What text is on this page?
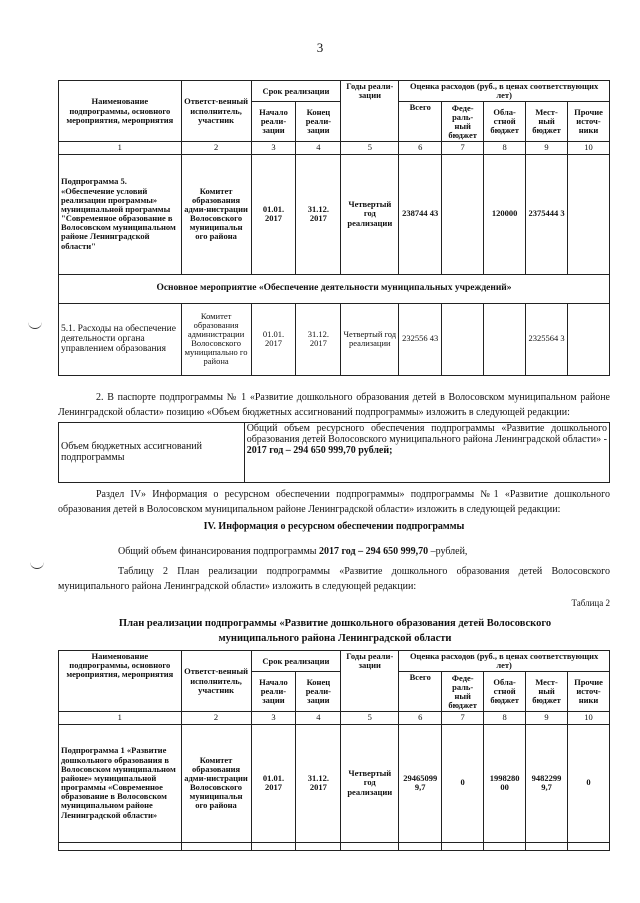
3
Наименование подпрограммы, основного мероприятия, мероприятия	Ответст-венный исполнитель, участник	Срок реализации		Годы реали-зации	Оценка расходов (руб., в ценах соответствующих лет)				
		Начало реали-зации	Конец реали-зации		Всего	Феде-раль-ный бюджет	Обла-стной бюджет	Мест-ный бюджет	Прочие источ-ники
1	2	3	4	5	6	7	8	9	10
Подпрограмма 5. «Обеспечение условий реализации программы» муниципальной программы "Современное образование в Волосовском муниципальном районе Ленинградской области"	Комитет образования адми-нистрации Волосовского муниципальн ого района	01.01. 2017	31.12. 2017	Четвертый год реализации	238744 43		120000	2375444 3	
Основное мероприятие «Обеспечение деятельности муниципальных учреждений»									
5.1. Расходы на обеспечение деятельности органа управлением образования	Комитет образования администрации Волосовского муниципально го района	01.01. 2017	31.12. 2017	Четвертый год реализации	232556 43			2325564 3	
2. В паспорте подпрограммы № 1 «Развитие дошкольного образования детей в Волосовском муниципальном районе Ленинградской области» позицию «Объем бюджетных ассигнований подпрограммы» изложить в следующей редакции:
Объем бюджетных ассигнований подпрограммы	Общий объем ресурсного обеспечения подпрограммы «Развитие дошкольного образования детей Волосовского муниципального района Ленинградской области» - 2017 год – 294 650 999,70 рублей;
Раздел IV» Информация о ресурсном обеспечении подпрограммы» подпрограммы №1 «Развитие дошкольного образования детей в Волосовском муниципальном районе Ленинградской области» изложить в следующей редакции:
IV. Информация о ресурсном обеспечении подпрограммы
Общий объем финансирования подпрограммы 2017 год – 294 650 999,70 –рублей,
Таблицу 2 План реализации подпрограммы «Развитие дошкольного образования детей Волосовского муниципального района Ленинградской области» изложить в следующей редакции:
Таблица 2
План реализации подпрограммы «Развитие дошкольного образования детей Волосовского муниципального района Ленинградской области
Наименование подпрограммы, основного мероприятия, мероприятия	Ответст-венный исполнитель, участник	Срок реализации		Годы реали-зации	Оценка расходов (руб., в ценах соответствующих лет)				
		Начало реали-зации	Конец реали-зации		Всего	Феде-раль-ный бюджет	Обла-стной бюджет	Мест-ный бюджет	Прочие источ-ники
1	2	3	4	5	6	7	8	9	10
Подпрограмма 1 «Развитие дошкольного образования в Волосовском муниципальном районе» муниципальной программы «Современное образование в Волосовском муниципальном районе Ленинградской области»	Комитет образования адми-нистрации Волосовского муниципальн ого района	01.01. 2017	31.12. 2017	Четвертый год реализации	29465099 9,7	0	1998280 00	9482299 9,7	0
